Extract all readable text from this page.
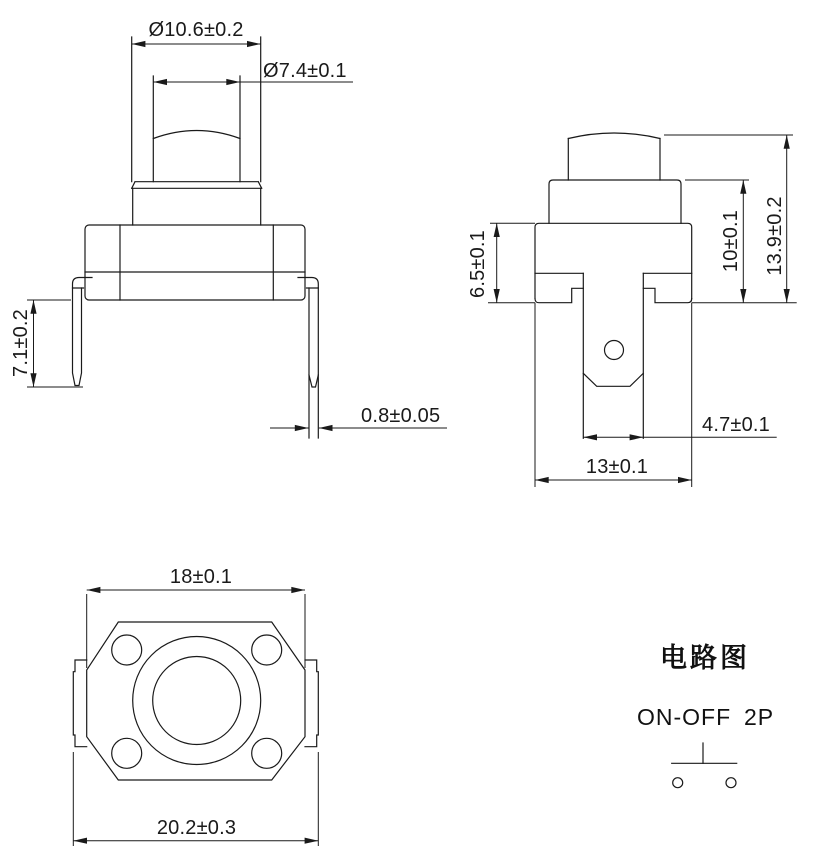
Ø10.6±0.2
Ø7.4±0.1
7.1±0.2
0.8±0.05
6.5±0.1	10±0.1 13.9±0.2
4.7±0.1
13±0.1
18±0.1
20.2±0.3
电路图
ON-OFF 2P
